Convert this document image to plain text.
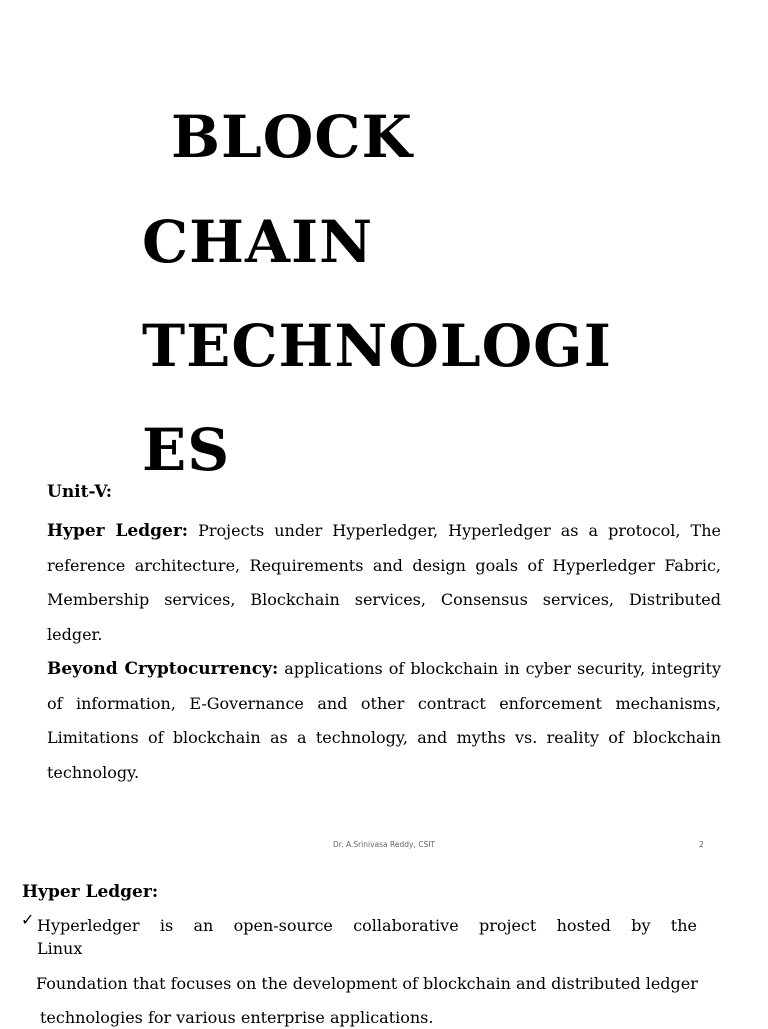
BLOCK
CHAIN
TECHNOLOGI
ES
Unit-V:

Hyper Ledger: Projects under Hyperledger, Hyperledger as a protocol, The reference architecture, Requirements and design goals of Hyperledger Fabric, Membership services, Blockchain services, Consensus services, Distributed ledger.

Beyond Cryptocurrency: applications of blockchain in cyber security, integrity of information, E-Governance and other contract enforcement mechanisms, Limitations of blockchain as a technology, and myths vs. reality of blockchain technology.

Dr. A.Srinivasa Reddy, CSIT	2
Hyper Ledger:
✓ Hyperledger is an open-source collaborative project hosted by the
Linux
Foundation that focuses on the development of blockchain and distributed ledger
technologies for various enterprise applications.
